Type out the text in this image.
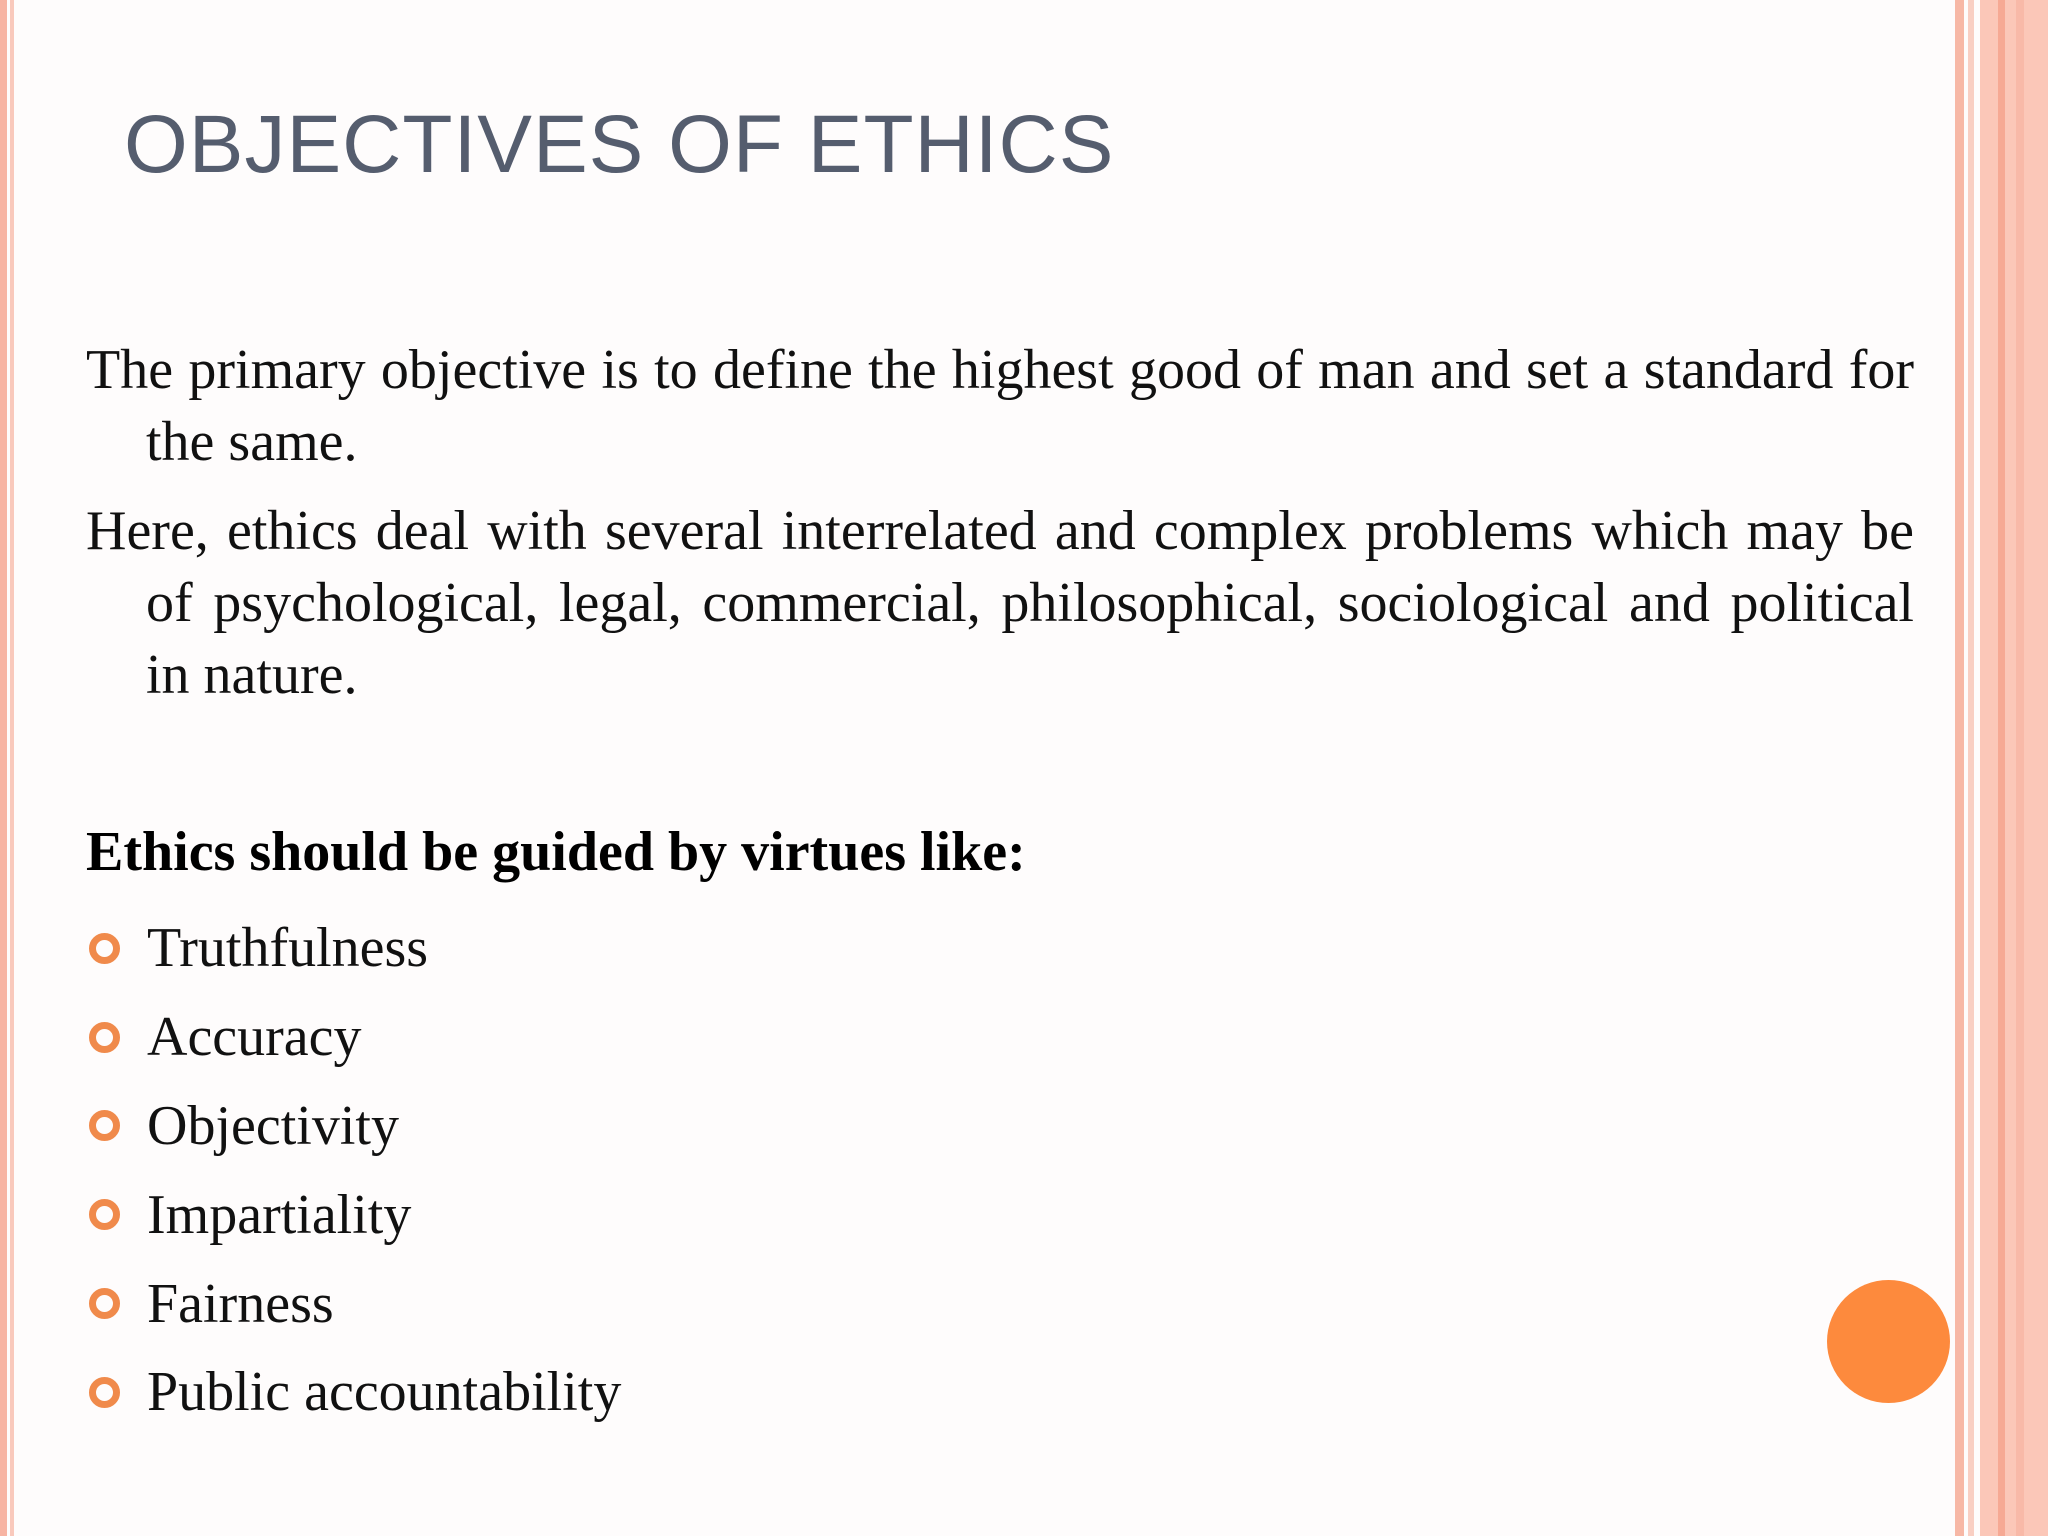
OBJECTIVES OF ETHICS

The primary objective is to define the highest good of man and set a standard for the same.

Here, ethics deal with several interrelated and complex problems which may be of psychological, legal, commercial, philosophical, sociological and political in nature.

Ethics should be guided by virtues like:

Truthfulness
Accuracy
Objectivity
Impartiality
Fairness
Public accountability
